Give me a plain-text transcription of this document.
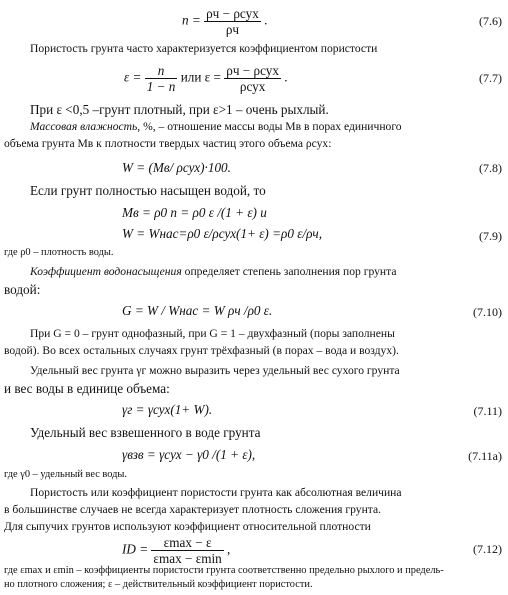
$n = \frac{\text{ρч − ρсух}}{\rho ч}$ .	(7.6)
Пористость грунта часто характеризуется коэффициентом пористости
$\varepsilon = \frac{n}{1 - n}$ или $\varepsilon = \frac{\text{ρч − ρсух}}{\text{ρсух}}$ .	(7.7)
При ε <0,5 –грунт плотный, при ε>1 – очень рыхлый.
Массовая влажность, %, – отношение массы воды Mв в порах единичного
объема грунта Mв к плотности твердых частиц этого объема ρсух:
W = (Mв/ ρсух)·100.	(7.8)
Если грунт полностью насыщен водой, то
Mв = ρ0 n = ρ0 ε /(1 + ε) и
W = Wнас=ρ0 ε/ρсух(1+ ε) =ρ0 ε/ρч,	(7.9)
где ρ0 – плотность воды.
Коэффициент водонасыщения определяет степень заполнения пор грунта
водой:
G = W / Wнас = W ρч /ρ0 ε.	(7.10)
При G = 0 – грунт однофазный, при G = 1 – двухфазный (поры заполнены
водой). Во всех остальных случаях грунт трёхфазный (в порах – вода и воздух).
Удельный вес грунта γг можно выразить через удельный вес сухого грунта
и вес воды в единице объема:
γг = γсух(1+ W).	(7.11)
Удельный вес взвешенного в воде грунта
γвзв = γсух − γ0 /(1 + ε),	(7.11a)
где γ0 – удельный вес воды.
Пористость или коэффициент пористости грунта как абсолютная величина
в большинстве случаев не всегда характеризует плотность сложения грунта.
Для сыпучих грунтов используют коэффициент относительной плотности
ID = $\frac{\varepsilon\max - \varepsilon}{\varepsilon\max - \varepsilon\min}$ ,	(7.12)
где εmax и εmin – коэффициенты пористости грунта соответственно предельно рыхлого и предель-
но плотного сложения; ε – действительный коэффициент пористости.
